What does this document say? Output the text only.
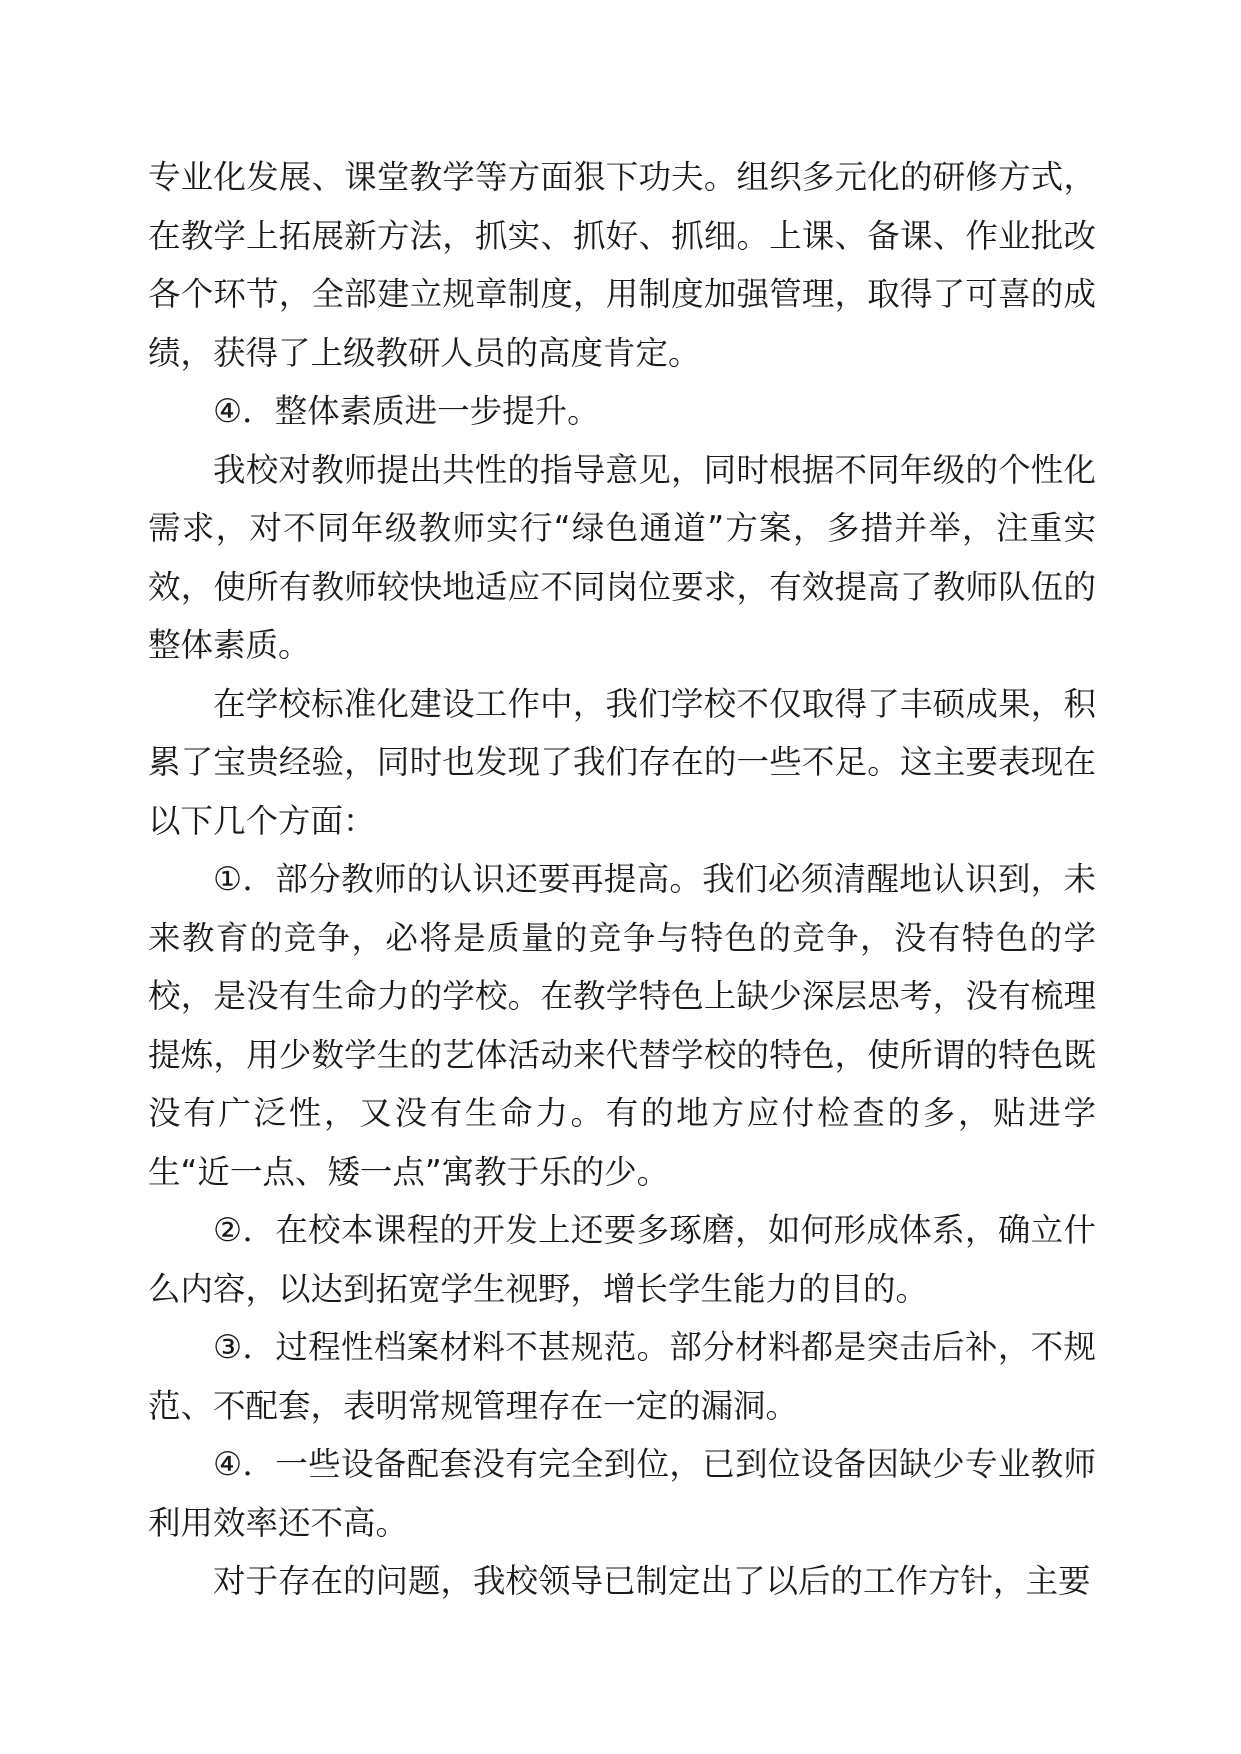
专业化发展、课堂教学等方面狠下功夫。组织多元化的研修方式，在教学上拓展新方法，抓实、抓好、抓细。上课、备课、作业批改各个环节，全部建立规章制度，用制度加强管理，取得了可喜的成绩，获得了上级教研人员的高度肯定。

④．整体素质进一步提升。

我校对教师提出共性的指导意见，同时根据不同年级的个性化需求，对不同年级教师实行“绿色通道”方案，多措并举，注重实效，使所有教师较快地适应不同岗位要求，有效提高了教师队伍的整体素质。

在学校标准化建设工作中，我们学校不仅取得了丰硕成果，积累了宝贵经验，同时也发现了我们存在的一些不足。这主要表现在以下几个方面：

①．部分教师的认识还要再提高。我们必须清醒地认识到，未来教育的竞争，必将是质量的竞争与特色的竞争，没有特色的学校，是没有生命力的学校。在教学特色上缺少深层思考，没有梳理提炼，用少数学生的艺体活动来代替学校的特色，使所谓的特色既没有广泛性，又没有生命力。有的地方应付检查的多，贴进学生“近一点、矮一点”寓教于乐的少。

②．在校本课程的开发上还要多琢磨，如何形成体系，确立什么内容，以达到拓宽学生视野，增长学生能力的目的。

③．过程性档案材料不甚规范。部分材料都是突击后补，不规范、不配套，表明常规管理存在一定的漏洞。

④．一些设备配套没有完全到位，已到位设备因缺少专业教师利用效率还不高。

对于存在的问题，我校领导已制定出了以后的工作方针，主要
